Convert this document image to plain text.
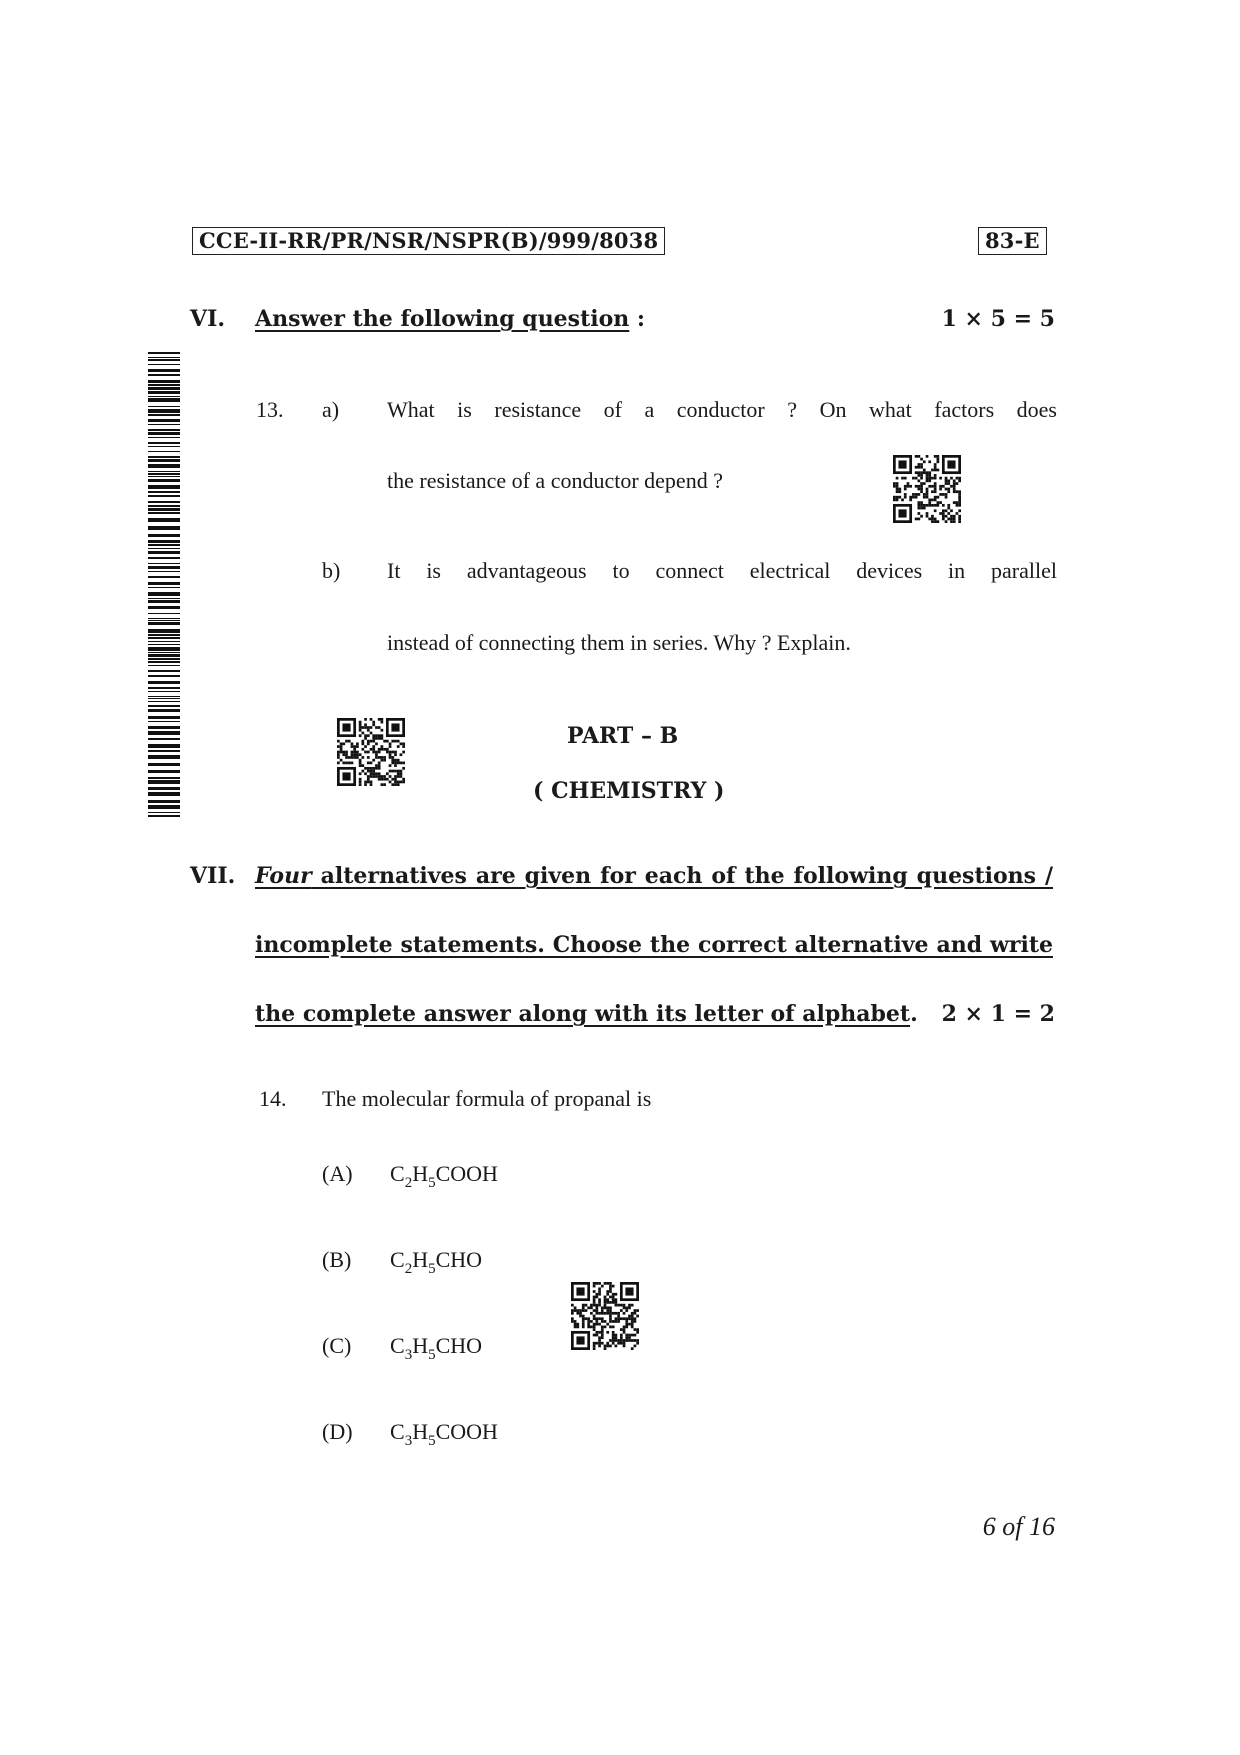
CCE-II-RR/PR/NSR/NSPR(B)/999/8038	83-E
VI. Answer the following question :	1 × 5 = 5
13. a) What is resistance of a conductor ? On what factors does
the resistance of a conductor depend ?
b) It is advantageous to connect electrical devices in parallel
instead of connecting them in series. Why ? Explain.
PART – B
( CHEMISTRY )
VII. Four alternatives are given for each of the following questions /
incomplete statements. Choose the correct alternative and write
the complete answer along with its letter of alphabet. 2 × 1 = 2
14. The molecular formula of propanal is
(A) $C_2H_5COOH$
(B) $C_2H_5CHO$
(C) $C_3H_5CHO$
(D) $C_3H_5COOH$
6 of 16
